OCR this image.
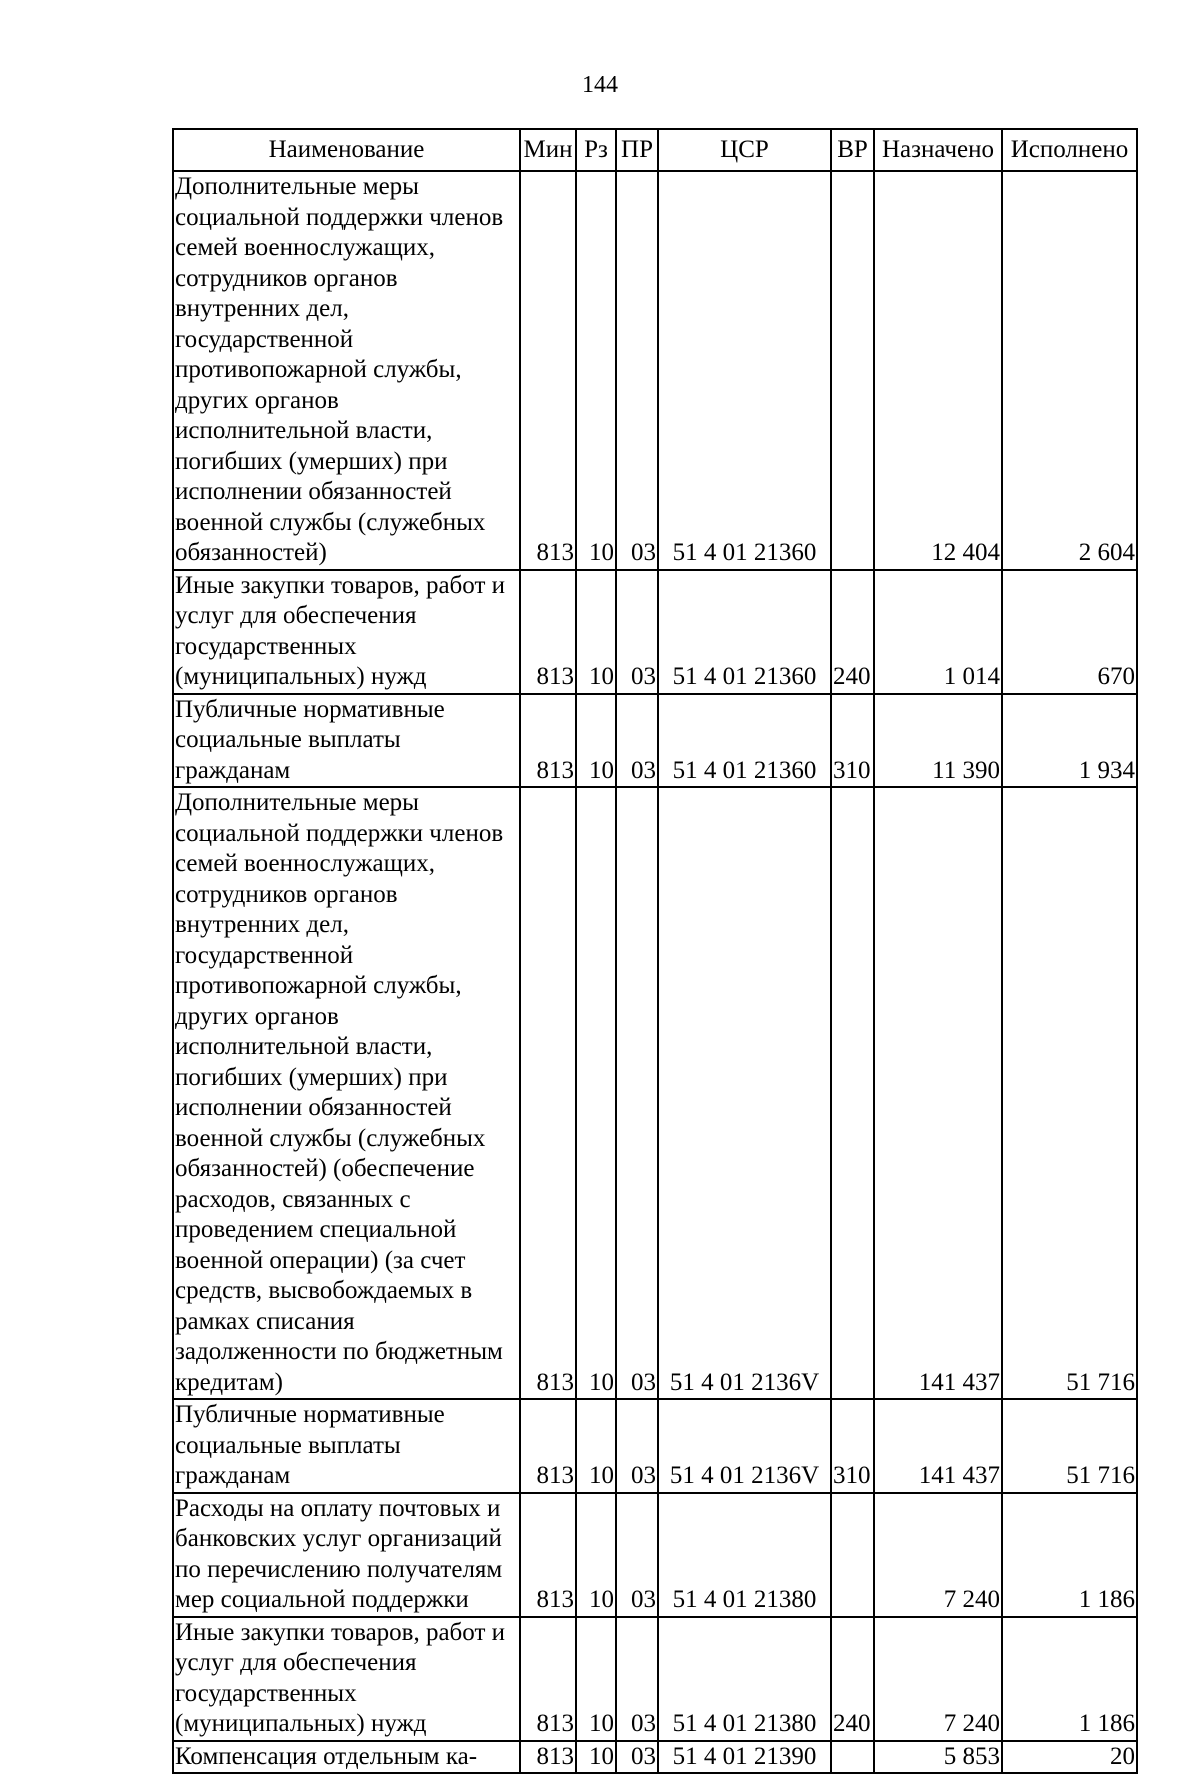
144
Наименование	Мин	Рз	ПР	ЦСР	ВР	Назначено	Исполнено
Дополнительные меры социальной поддержки членов семей военнослужащих, сотрудников органов внутренних дел, государственной противопожарной службы, других органов исполнительной власти, погибших (умерших) при исполнении обязанностей военной службы (служебных обязанностей)	813	10	03	51 4 01 21360		12 404	2 604
Иные закупки товаров, работ и услуг для обеспечения государственных (муниципальных) нужд	813	10	03	51 4 01 21360	240	1 014	670
Публичные нормативные социальные выплаты гражданам	813	10	03	51 4 01 21360	310	11 390	1 934
Дополнительные меры социальной поддержки членов семей военнослужащих, сотрудников органов внутренних дел, государственной противопожарной службы, других органов исполнительной власти, погибших (умерших) при исполнении обязанностей военной службы (служебных обязанностей) (обеспечение расходов, связанных с проведением специальной военной операции) (за счет средств, высвобождаемых в рамках списания задолженности по бюджетным кредитам)	813	10	03	51 4 01 2136V		141 437	51 716
Публичные нормативные социальные выплаты гражданам	813	10	03	51 4 01 2136V	310	141 437	51 716
Расходы на оплату почтовых и банковских услуг организаций по перечислению получателям мер социальной поддержки	813	10	03	51 4 01 21380		7 240	1 186
Иные закупки товаров, работ и услуг для обеспечения государственных (муниципальных) нужд	813	10	03	51 4 01 21380	240	7 240	1 186
Компенсация отдельным ка-	813	10	03	51 4 01 21390		5 853	20
